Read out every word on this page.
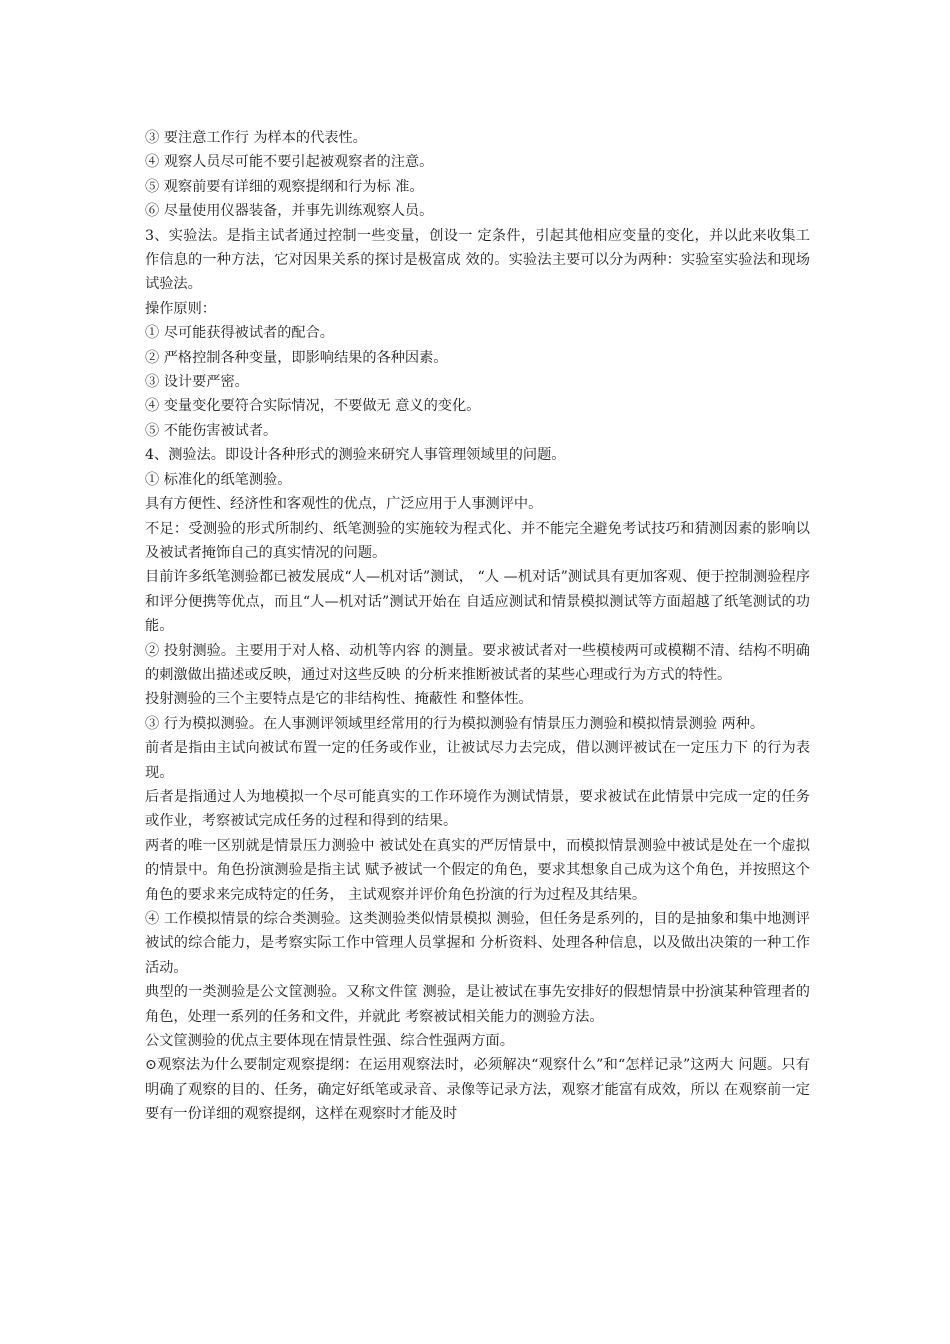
③ 要注意工作行 为样本的代表性。

④ 观察人员尽可能不要引起被观察者的注意。

⑤ 观察前要有详细的观察提纲和行为标 准。

⑥ 尽量使用仪器装备，并事先训练观察人员。

3、实验法。是指主试者通过控制一些变量，创设一 定条件，引起其他相应变量的变化，并以此来收集工作信息的一种方法，它对因果关系的探讨是极富成 效的。实验法主要可以分为两种：实验室实验法和现场试验法。

操作原则：

① 尽可能获得被试者的配合。

② 严格控制各种变量，即影响结果的各种因素。

③ 设计要严密。

④ 变量变化要符合实际情况，不要做无 意义的变化。

⑤ 不能伤害被试者。

4、测验法。即设计各种形式的测验来研究人事管理领域里的问题。

① 标准化的纸笔测验。

具有方便性、经济性和客观性的优点，广泛应用于人事测评中。

不足：受测验的形式所制约、纸笔测验的实施较为程式化、并不能完全避免考试技巧和猜测因素的影响以及被试者掩饰自己的真实情况的问题。

目前许多纸笔测验都已被发展成“人—机对话”测试， “人 —机对话”测试具有更加客观、便于控制测验程序和评分便携等优点，而且“人—机对话”测试开始在 自适应测试和情景模拟测试等方面超越了纸笔测试的功能。

② 投射测验。主要用于对人格、动机等内容 的测量。要求被试者对一些模棱两可或模糊不清、结构不明确的刺激做出描述或反映，通过对这些反映 的分析来推断被试者的某些心理或行为方式的特性。

投射测验的三个主要特点是它的非结构性、掩蔽性 和整体性。

③ 行为模拟测验。在人事测评领域里经常用的行为模拟测验有情景压力测验和模拟情景测验 两种。

前者是指由主试向被试布置一定的任务或作业，让被试尽力去完成，借以测评被试在一定压力下 的行为表现。

后者是指通过人为地模拟一个尽可能真实的工作环境作为测试情景，要求被试在此情景中完成一定的任务或作业，考察被试完成任务的过程和得到的结果。

两者的唯一区别就是情景压力测验中 被试处在真实的严厉情景中，而模拟情景测验中被试是处在一个虚拟的情景中。角色扮演测验是指主试 赋予被试一个假定的角色，要求其想象自己成为这个角色，并按照这个角色的要求来完成特定的任务， 主试观察并评价角色扮演的行为过程及其结果。

④ 工作模拟情景的综合类测验。这类测验类似情景模拟 测验，但任务是系列的，目的是抽象和集中地测评被试的综合能力，是考察实际工作中管理人员掌握和 分析资料、处理各种信息，以及做出决策的一种工作活动。

典型的一类测验是公文筐测验。又称文件筐 测验，是让被试在事先安排好的假想情景中扮演某种管理者的角色，处理一系列的任务和文件，并就此 考察被试相关能力的测验方法。

公文筐测验的优点主要体现在情景性强、综合性强两方面。

⊙观察法为什么要制定观察提纲：在运用观察法时，必须解决“观察什么”和“怎样记录”这两大 问题。只有明确了观察的目的、任务，确定好纸笔或录音、录像等记录方法，观察才能富有成效，所以 在观察前一定要有一份详细的观察提纲，这样在观察时才能及时
